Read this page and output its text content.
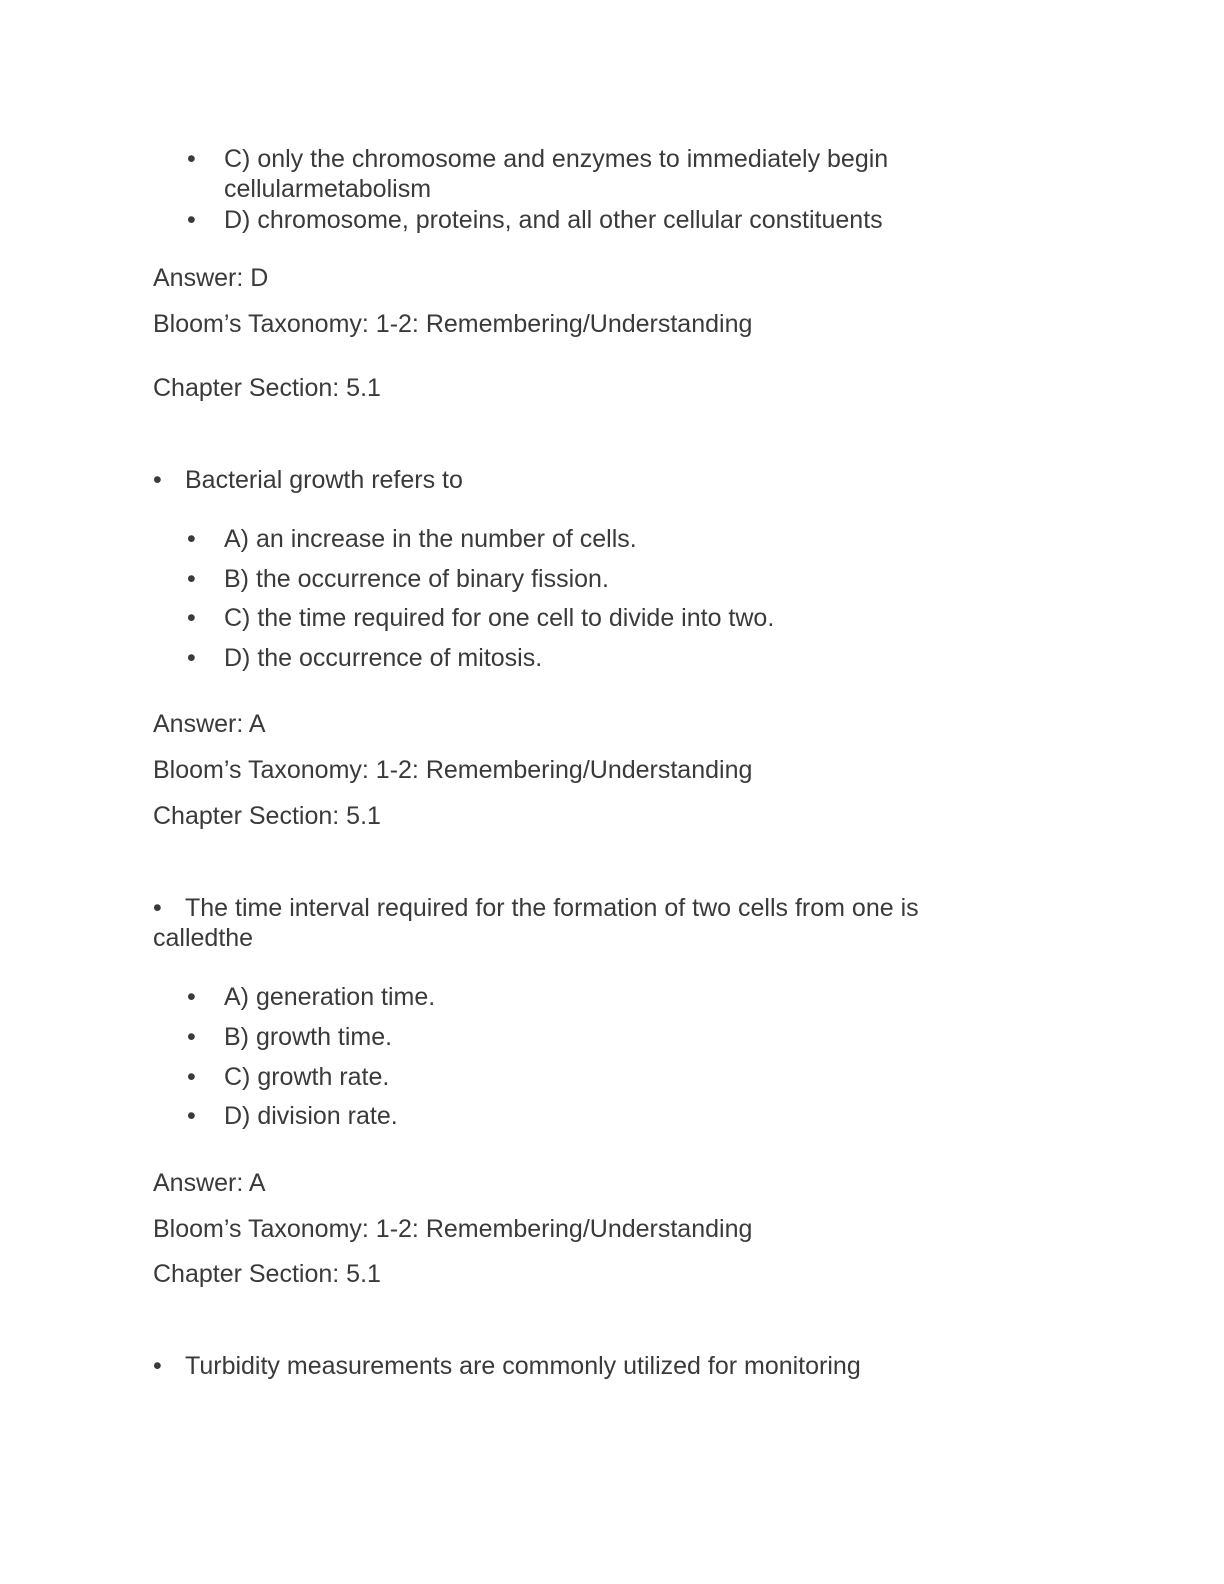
• C) only the chromosome and enzymes to immediately begin
cellularmetabolism
• D) chromosome, proteins, and all other cellular constituents
Answer: D
Bloom’s Taxonomy: 1-2: Remembering/Understanding
Chapter Section: 5.1
• Bacterial growth refers to
• A) an increase in the number of cells.
• B) the occurrence of binary fission.
• C) the time required for one cell to divide into two.
• D) the occurrence of mitosis.
Answer: A
Bloom’s Taxonomy: 1-2: Remembering/Understanding
Chapter Section: 5.1
• The time interval required for the formation of two cells from one is
calledthe
• A) generation time.
• B) growth time.
• C) growth rate.
• D) division rate.
Answer: A
Bloom’s Taxonomy: 1-2: Remembering/Understanding
Chapter Section: 5.1
• Turbidity measurements are commonly utilized for monitoring
